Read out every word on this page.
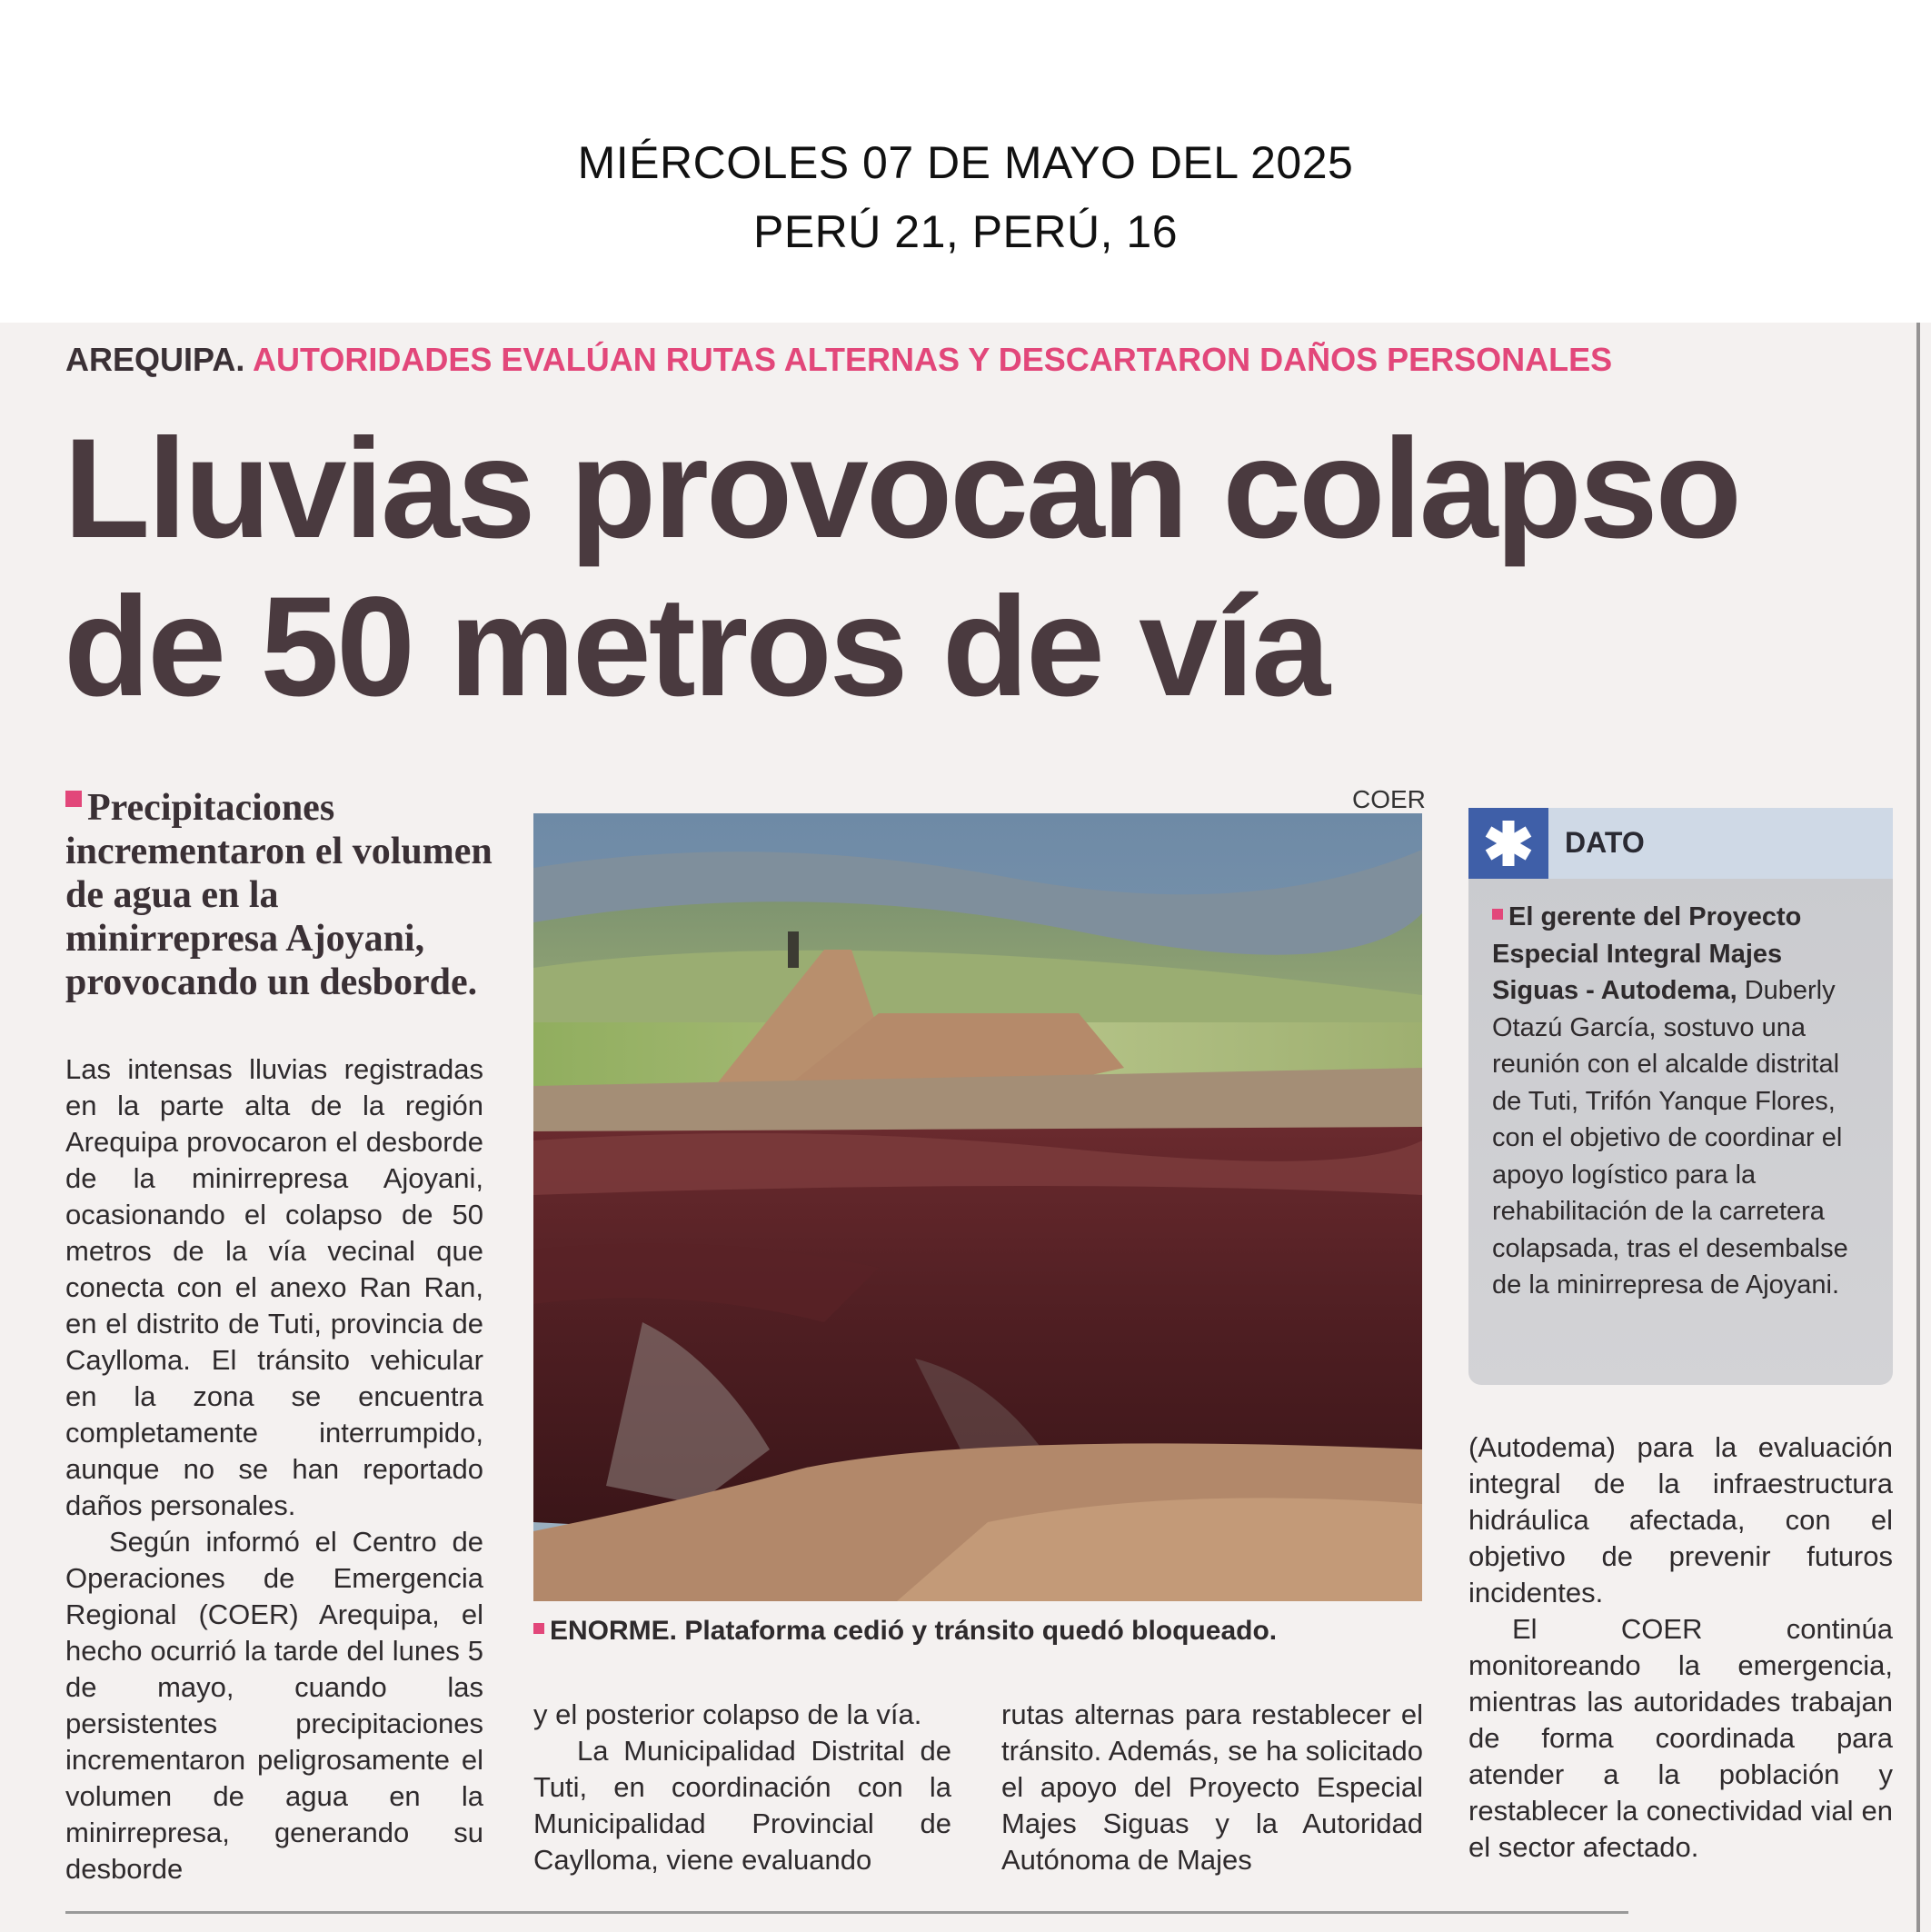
MIÉRCOLES 07 DE MAYO DEL 2025
PERÚ 21, PERÚ, 16
AREQUIPA. AUTORIDADES EVALÚAN RUTAS ALTERNAS Y DESCARTARON DAÑOS PERSONALES
Lluvias provocan colapso
de 50 metros de vía
Precipitaciones incrementaron el volumen de agua en la minirrepresa Ajoyani, provocando un desborde.

Las intensas lluvias registradas en la parte alta de la región Arequipa provocaron el desborde de la minirrepresa Ajoyani, ocasionando el colapso de 50 metros de la vía vecinal que conecta con el anexo Ran Ran, en el distrito de Tuti, provincia de Caylloma. El tránsito vehicular en la zona se encuentra completamente interrumpido, aunque no se han reportado daños personales.

Según informó el Centro de Operaciones de Emergencia Regional (COER) Arequipa, el hecho ocurrió la tarde del lunes 5 de mayo, cuando las persistentes precipitaciones incrementaron peligrosamente el volumen de agua en la minirrepresa, generando su desborde

COER
ENORME. Plataforma cedió y tránsito quedó bloqueado.

y el posterior colapso de la vía.

La Municipalidad Distrital de Tuti, en coordinación con la Municipalidad Provincial de Caylloma, viene evaluando

rutas alternas para restablecer el tránsito. Además, se ha solicitado el apoyo del Proyecto Especial Majes Siguas y la Autoridad Autónoma de Majes

DATO
El gerente del Proyecto Especial Integral Majes Siguas - Autodema, Duberly Otazú García, sostuvo una reunión con el alcalde distrital de Tuti, Trifón Yanque Flores, con el objetivo de coordinar el apoyo logístico para la rehabilitación de la carretera colapsada, tras el desembalse de la minirrepresa de Ajoyani.

(Autodema) para la evaluación integral de la infraestructura hidráulica afectada, con el objetivo de prevenir futuros incidentes.

El COER continúa monitoreando la emergencia, mientras las autoridades trabajan de forma coordinada para atender a la población y restablecer la conectividad vial en el sector afectado.
